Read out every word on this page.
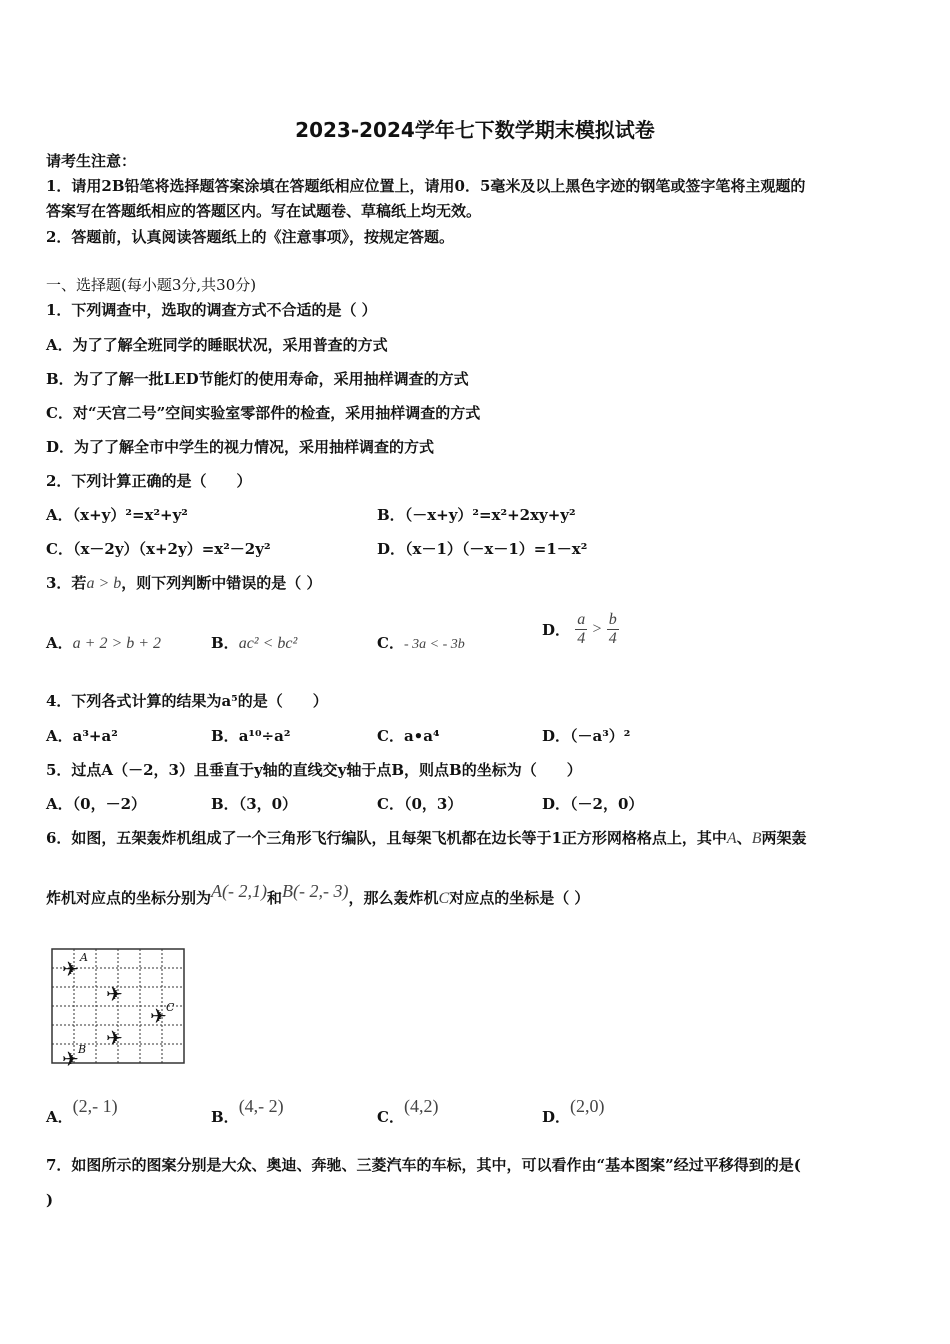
2023-2024学年七下数学期末模拟试卷
请考生注意：
1．请用2B铅笔将选择题答案涂填在答题纸相应位置上，请用0．5毫米及以上黑色字迹的钢笔或签字笔将主观题的
答案写在答题纸相应的答题区内。写在试题卷、草稿纸上均无效。
2．答题前，认真阅读答题纸上的《注意事项》，按规定答题。
一、选择题(每小题3分,共30分)
1．下列调查中，选取的调查方式不合适的是（ ）
A．为了了解全班同学的睡眠状况，采用普查的方式
B．为了了解一批LED节能灯的使用寿命，采用抽样调查的方式
C．对“天宫二号”空间实验室零部件的检查，采用抽样调查的方式
D．为了了解全市中学生的视力情况，采用抽样调查的方式
2．下列计算正确的是（　　）
A．（x+y）²=x²+y²	B．（－x+y）²=x²+2xy+y²
C．（x－2y）（x+2y）=x²－2y²	D．（x－1）（－x－1）=1－x²
3．若a > b，则下列判断中错误的是（ ）
A．a + 2 > b + 2	B．ac² < bc²	C．- 3a < - 3b
D． $\frac{a}{4} > \frac{b}{4}$
4．下列各式计算的结果为a⁵的是（　　）
A．a³+a²	B．a¹⁰÷a²	C．a•a⁴	D．（－a³）²
5．过点A（－2，3）且垂直于y轴的直线交y轴于点B，则点B的坐标为（　　）
A．（0，－2）	B．（3，0）	C．（0，3）	D．（－2，0）
6．如图，五架轰炸机组成了一个三角形飞行编队，且每架飞机都在边长等于1正方形网格格点上，其中A、B两架轰
炸机对应点的坐标分别为A(- 2,1)和B(- 2,- 3)，那么轰炸机C对应点的坐标是（ ）
✈
✈
✈
✈
✈
A
C
B
A．(2,- 1)
B．(4,- 2)
C．(4,2)
D．(2,0)
7．如图所示的图案分别是大众、奥迪、奔驰、三菱汽车的车标，其中，可以看作由“基本图案”经过平移得到的是(
)
